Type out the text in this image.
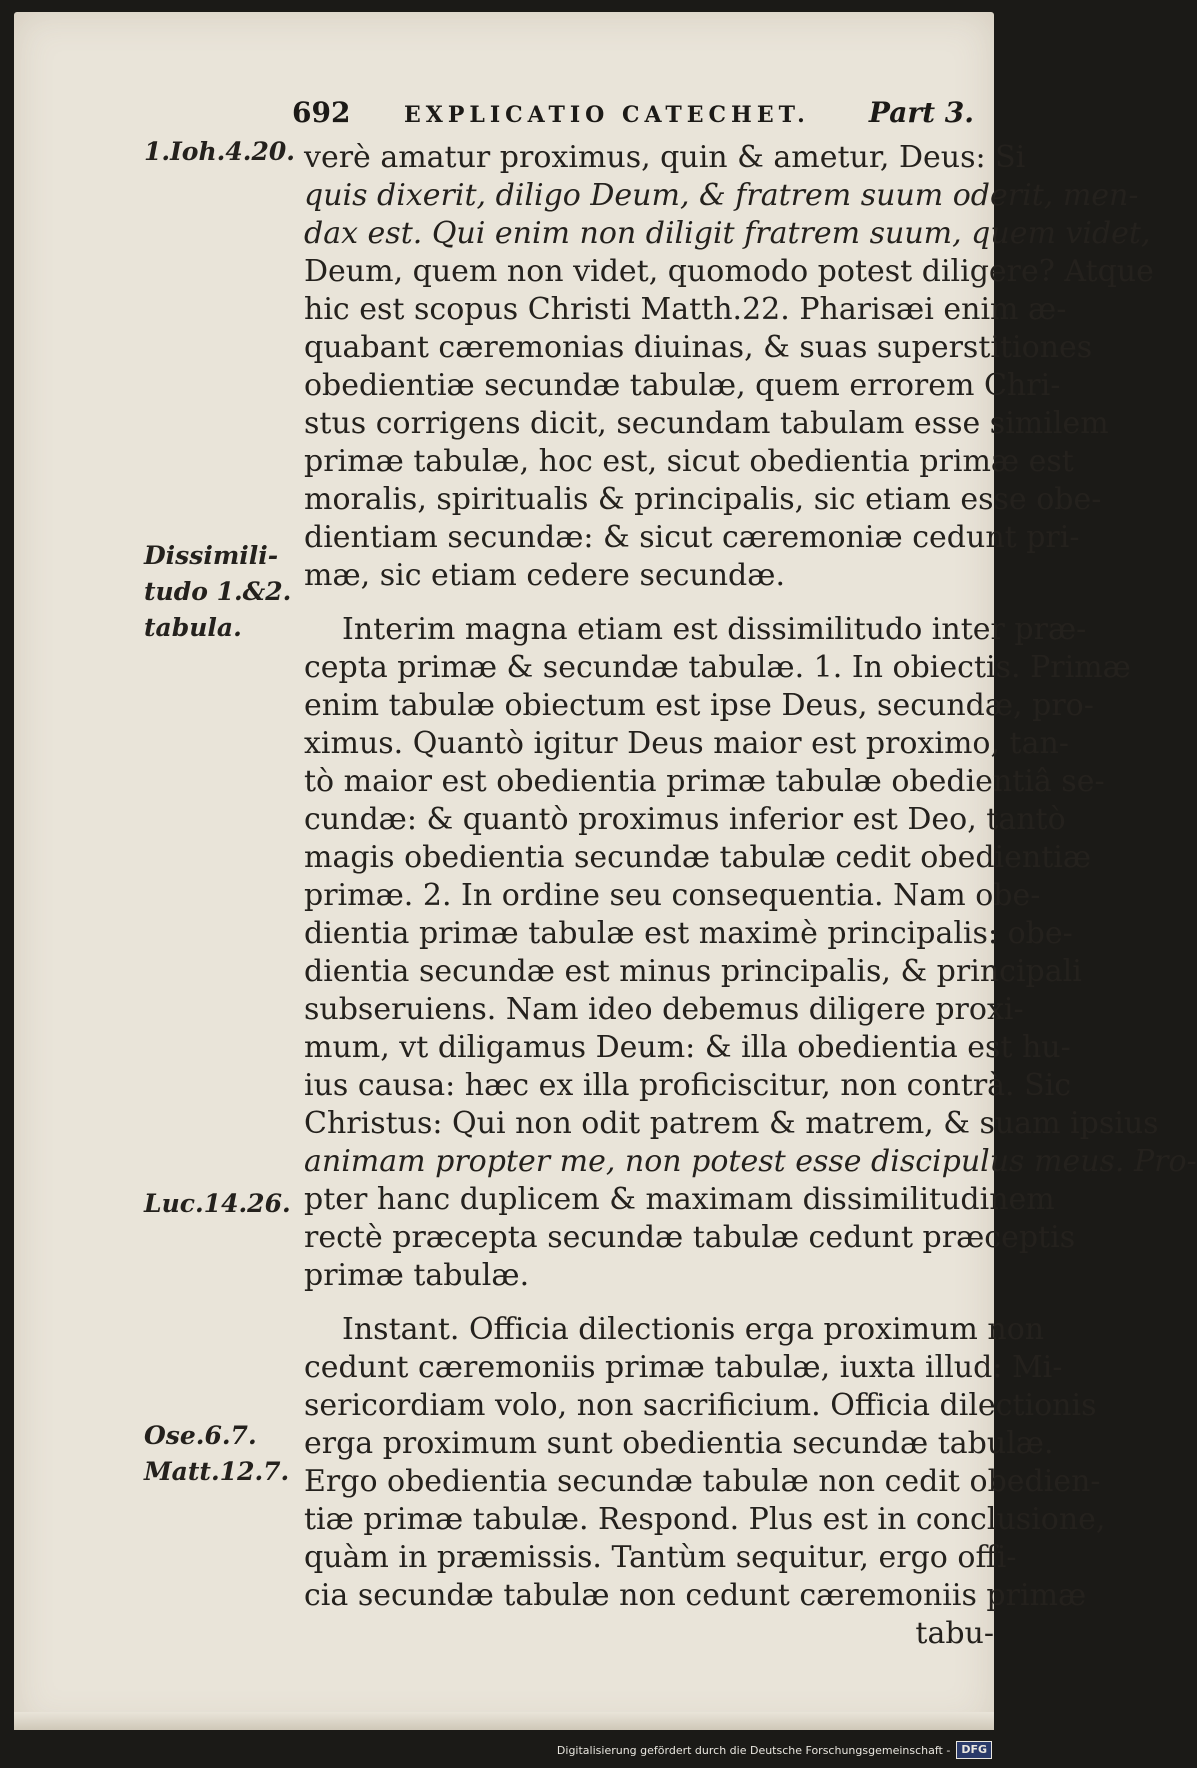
692 EXPLICATIO CATECHET. Part 3.
1.Ioh.4.20.
Dissimili-
tudo 1.&2.
tabula.
Luc.14.26.
Ose.6.7.
Matt.12.7.
verè amatur proximus, quin & ametur, Deus: Si
quis dixerit, diligo Deum, & fratrem suum oderit, men-
dax est. Qui enim non diligit fratrem suum, quem videt,
Deum, quem non videt, quomodo potest diligere? Atque
hic est scopus Christi Matth.22. Pharisæi enim æ-
quabant cæremonias diuinas, & suas superstitiones
obedientiæ secundæ tabulæ, quem errorem Chri-
stus corrigens dicit, secundam tabulam esse similem
primæ tabulæ, hoc est, sicut obedientia primæ est
moralis, spiritualis & principalis, sic etiam esse obe-
dientiam secundæ: & sicut cæremoniæ cedunt pri-
mæ, sic etiam cedere secundæ.
Interim magna etiam est dissimilitudo inter præ-
cepta primæ & secundæ tabulæ. 1. In obiectis. Primæ
enim tabulæ obiectum est ipse Deus, secundæ, pro-
ximus. Quantò igitur Deus maior est proximo, tan-
tò maior est obedientia primæ tabulæ obedientiâ se-
cundæ: & quantò proximus inferior est Deo, tantò
magis obedientia secundæ tabulæ cedit obedientiæ
primæ. 2. In ordine seu consequentia. Nam obe-
dientia primæ tabulæ est maximè principalis: obe-
dientia secundæ est minus principalis, & principali
subseruiens. Nam ideo debemus diligere proxi-
mum, vt diligamus Deum: & illa obedientia est hu-
ius causa: hæc ex illa proficiscitur, non contrà. Sic
Christus: Qui non odit patrem & matrem, & suam ipsius
animam propter me, non potest esse discipulus meus. Pro-
pter hanc duplicem & maximam dissimilitudinem
rectè præcepta secundæ tabulæ cedunt præceptis
primæ tabulæ.
Instant. Officia dilectionis erga proximum non
cedunt cæremoniis primæ tabulæ, iuxta illud: Mi-
sericordiam volo, non sacrificium. Officia dilectionis
erga proximum sunt obedientia secundæ tabulæ.
Ergo obedientia secundæ tabulæ non cedit obedien-
tiæ primæ tabulæ. Respond. Plus est in conclusione,
quàm in præmissis. Tantùm sequitur, ergo offi-
cia secundæ tabulæ non cedunt cæremoniis primæ
tabu-
Digitalisierung gefördert durch die Deutsche Forschungsgemeinschaft -	DFG
